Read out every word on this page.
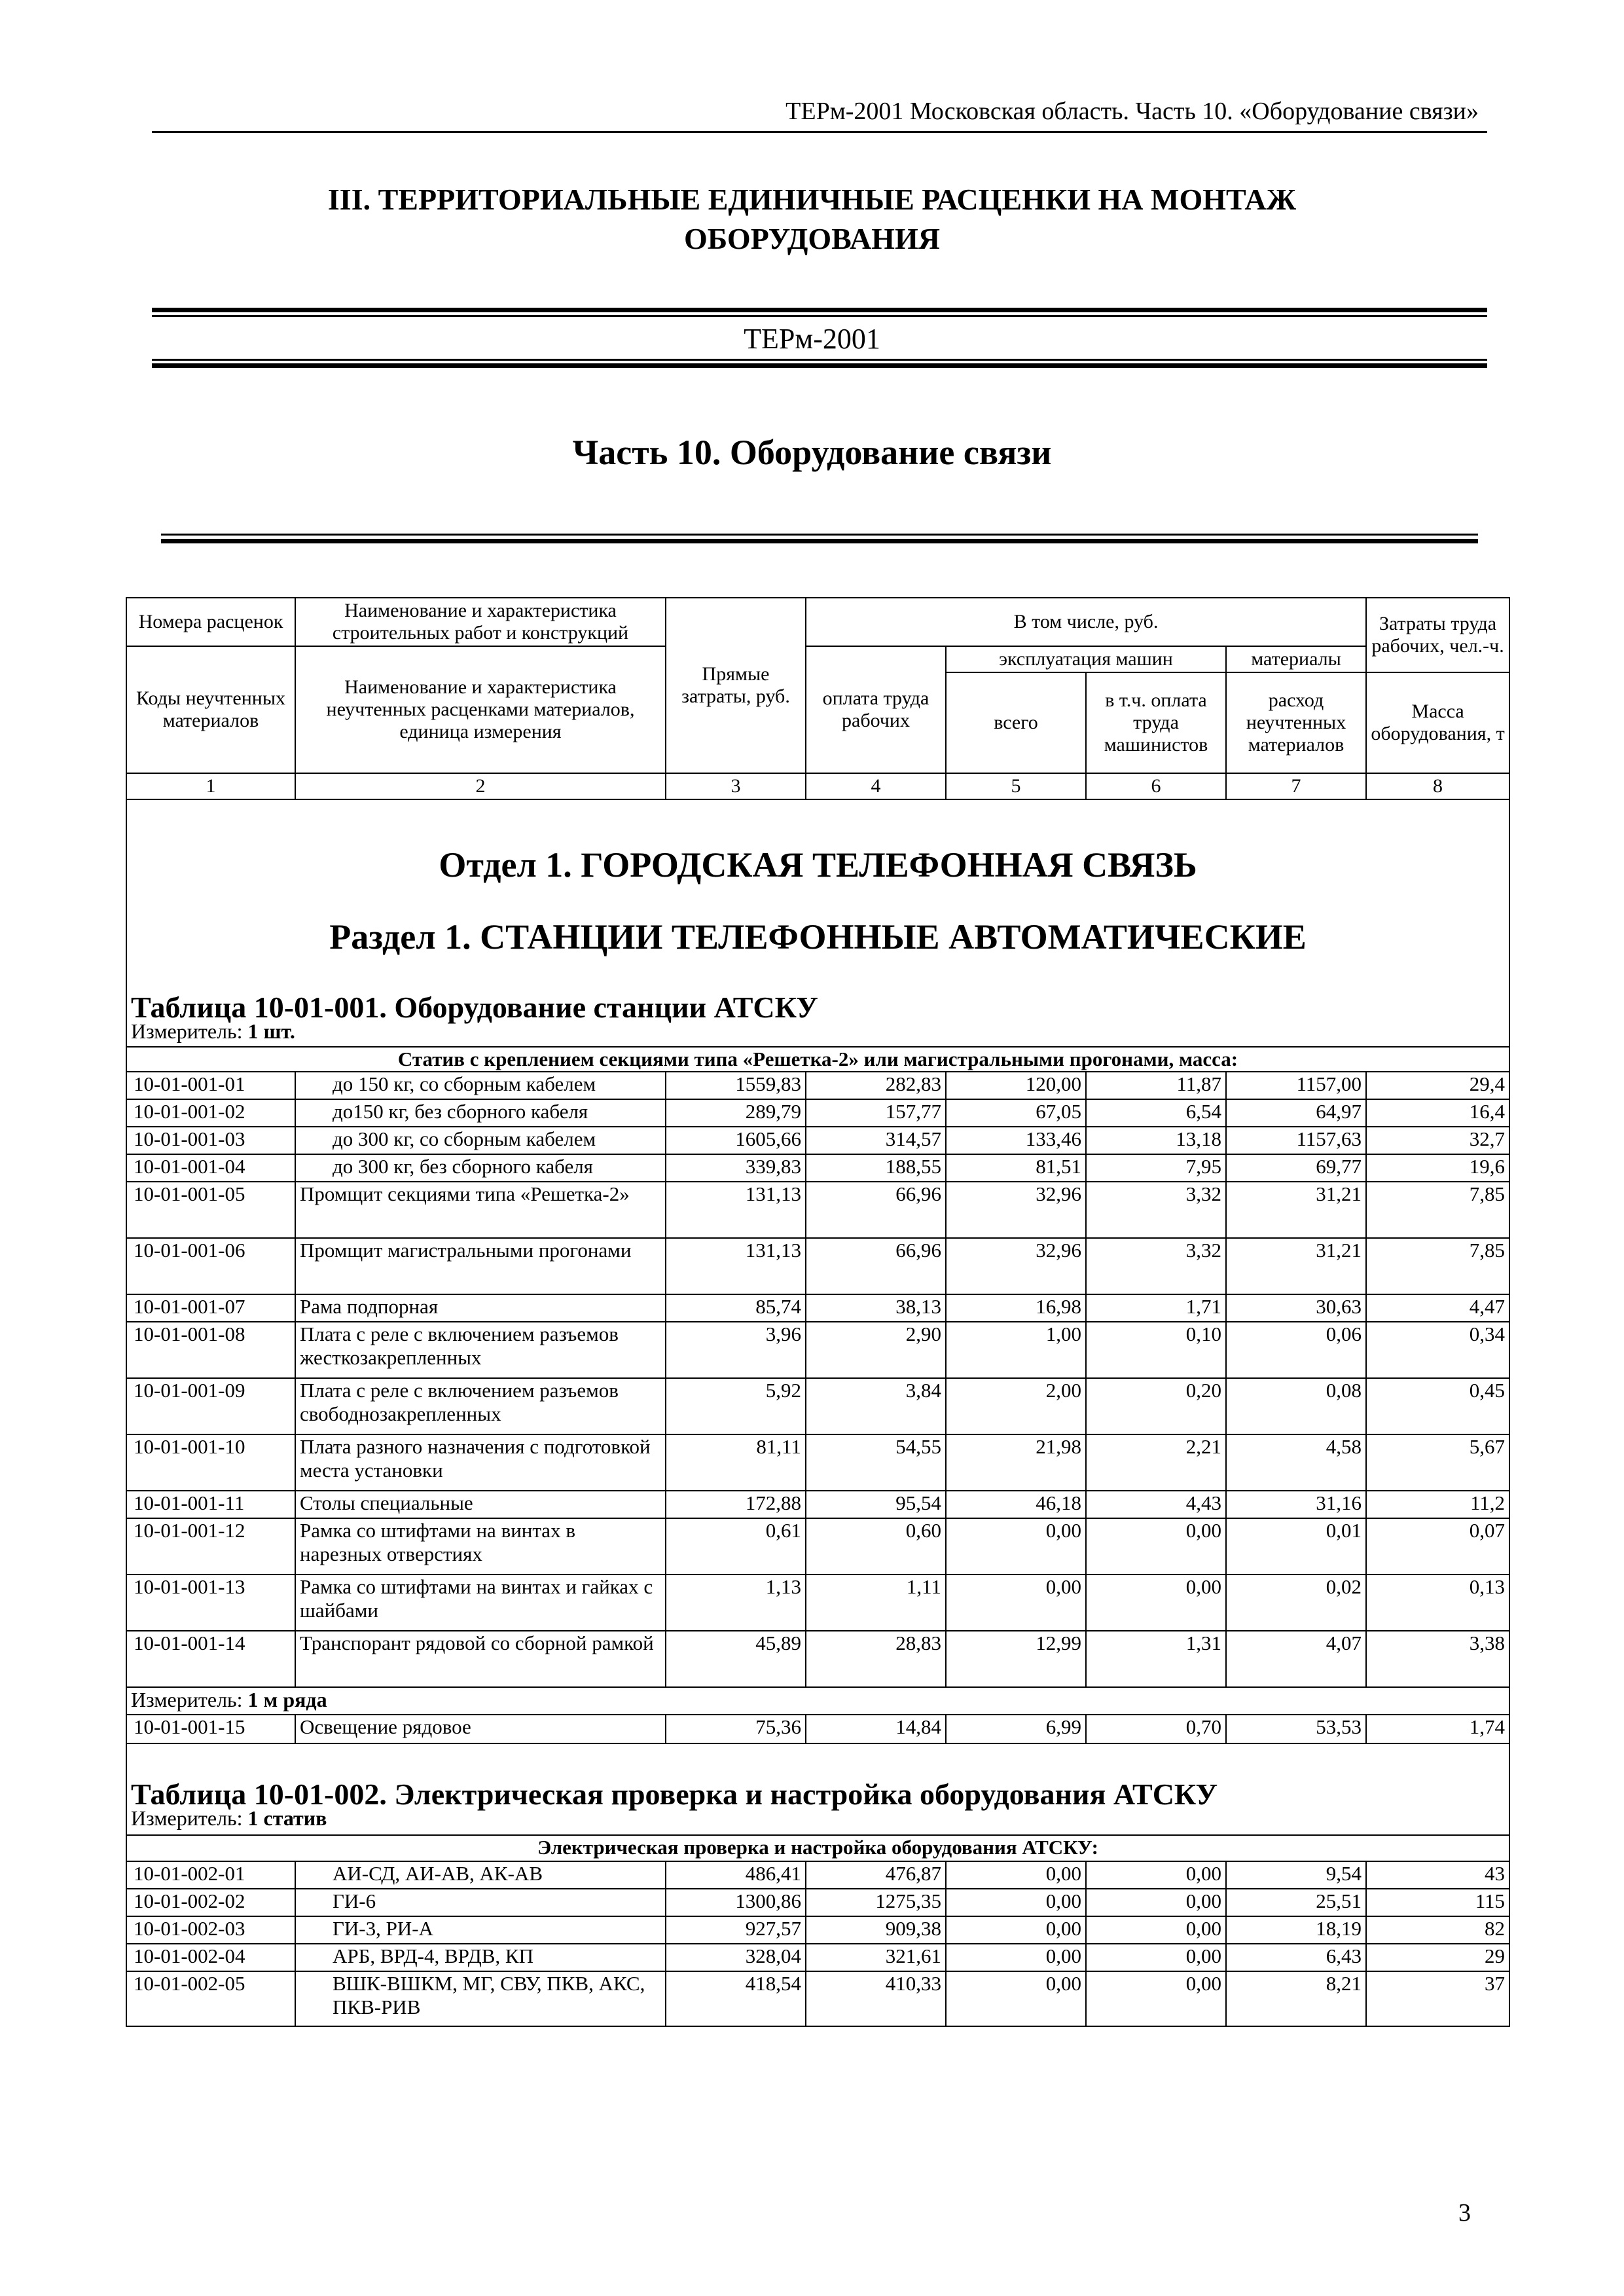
ТЕРм-2001 Московская область. Часть 10. «Оборудование связи»
III. ТЕРРИТОРИАЛЬНЫЕ ЕДИНИЧНЫЕ РАСЦЕНКИ НА МОНТАЖ
ОБОРУДОВАНИЯ
ТЕРм-2001
Часть 10. Оборудование связи
Номера расценок	Наименование и характеристика строительных работ и конструкций	Прямые затраты, руб.	В том числе, руб.				Затраты труда рабочих, чел.-ч.
Коды неучтенных материалов	Наименование и характеристика неучтенных расценками материалов, единица измерения		оплата труда рабочих	эксплуатация машин		материалы	
				всего	в т.ч. оплата труда машинистов	расход неучтенных материалов	Масса оборудования, т
1	2	3	4	5	6	7	8
Отдел 1. ГОРОДСКАЯ ТЕЛЕФОННАЯ СВЯЗЬ							
Раздел 1. СТАНЦИИ ТЕЛЕФОННЫЕ АВТОМАТИЧЕСКИЕ							
Таблица 10-01-001. Оборудование станции АТСКУ							
Измеритель: 1 шт.							
Статив с креплением секциями типа «Решетка-2» или магистральными прогонами, масса:							
10-01-001-01	до 150 кг, со сборным кабелем	1559,83	282,83	120,00	11,87	1157,00	29,4
10-01-001-02	до150 кг, без сборного кабеля	289,79	157,77	67,05	6,54	64,97	16,4
10-01-001-03	до 300 кг, со сборным кабелем	1605,66	314,57	133,46	13,18	1157,63	32,7
10-01-001-04	до 300 кг, без сборного кабеля	339,83	188,55	81,51	7,95	69,77	19,6
10-01-001-05	Промщит секциями типа «Решетка-2»	131,13	66,96	32,96	3,32	31,21	7,85
10-01-001-06	Промщит магистральными прогонами	131,13	66,96	32,96	3,32	31,21	7,85
10-01-001-07	Рама подпорная	85,74	38,13	16,98	1,71	30,63	4,47
10-01-001-08	Плата с реле с включением разъемов жесткозакрепленных	3,96	2,90	1,00	0,10	0,06	0,34
10-01-001-09	Плата с реле с включением разъемов свободнозакрепленных	5,92	3,84	2,00	0,20	0,08	0,45
10-01-001-10	Плата разного назначения с подготовкой места установки	81,11	54,55	21,98	2,21	4,58	5,67
10-01-001-11	Столы специальные	172,88	95,54	46,18	4,43	31,16	11,2
10-01-001-12	Рамка со штифтами на винтах в нарезных отверстиях	0,61	0,60	0,00	0,00	0,01	0,07
10-01-001-13	Рамка со штифтами на винтах и гайках с шайбами	1,13	1,11	0,00	0,00	0,02	0,13
10-01-001-14	Транспорант рядовой со сборной рамкой	45,89	28,83	12,99	1,31	4,07	3,38
Измеритель: 1 м ряда							
10-01-001-15	Освещение рядовое	75,36	14,84	6,99	0,70	53,53	1,74
Таблица 10-01-002. Электрическая проверка и настройка оборудования АТСКУ							
Измеритель: 1 статив							
Электрическая проверка и настройка оборудования АТСКУ:							
10-01-002-01	АИ-СД, АИ-АВ, АК-АВ	486,41	476,87	0,00	0,00	9,54	43
10-01-002-02	ГИ-6	1300,86	1275,35	0,00	0,00	25,51	115
10-01-002-03	ГИ-3, РИ-А	927,57	909,38	0,00	0,00	18,19	82
10-01-002-04	АРБ, ВРД-4, ВРДВ, КП	328,04	321,61	0,00	0,00	6,43	29
10-01-002-05	ВШК-ВШКМ, МГ, СВУ, ПКВ, АКС, ПКВ-РИВ	418,54	410,33	0,00	0,00	8,21	37
3
